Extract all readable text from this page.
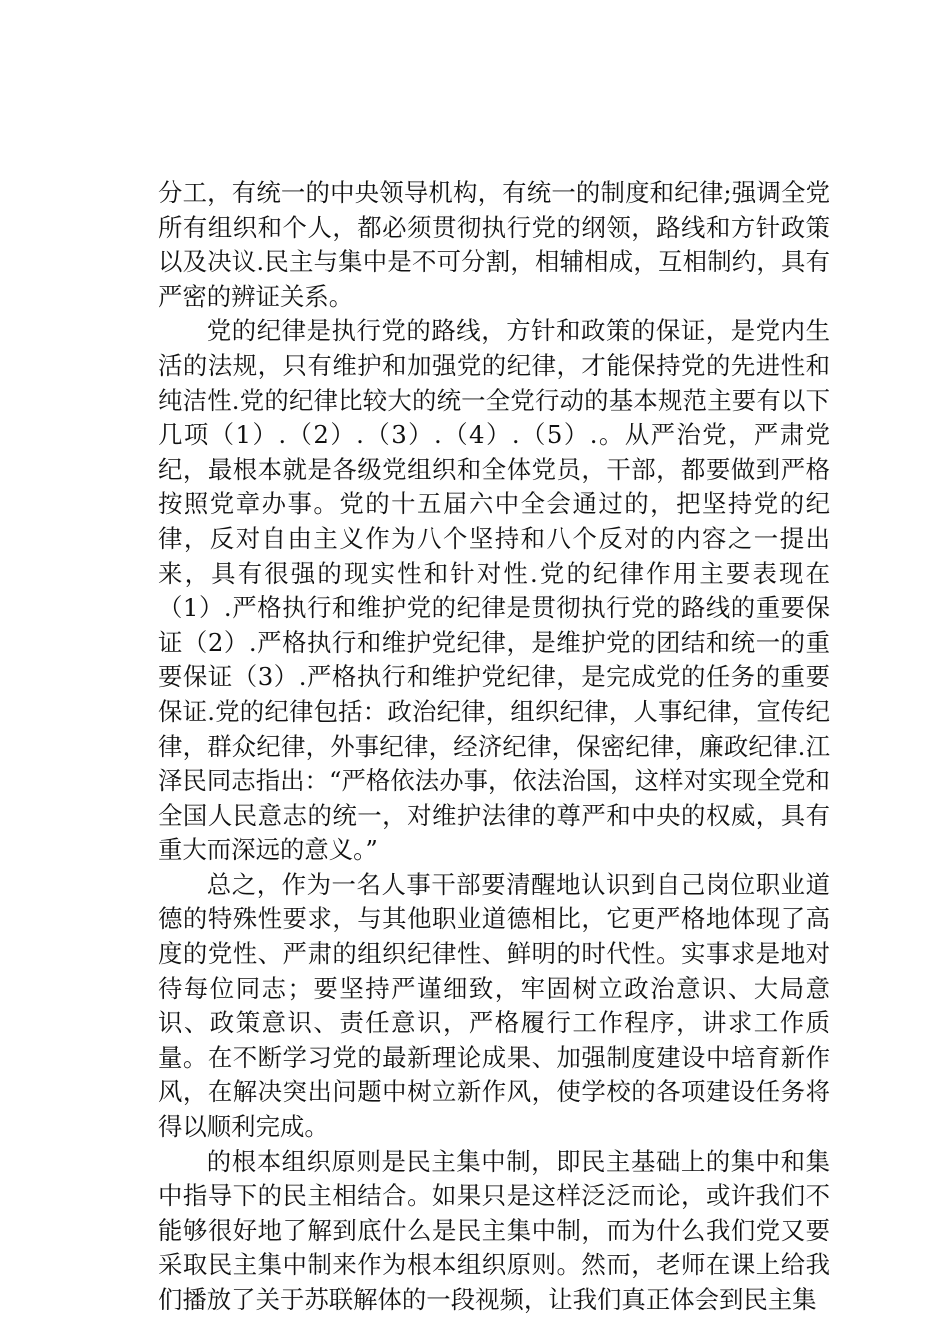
分工，有统一的中央领导机构，有统一的制度和纪律;强调全党所有组织和个人，都必须贯彻执行党的纲领，路线和方针政策以及决议.民主与集中是不可分割，相辅相成，互相制约，具有严密的辨证关系。

党的纪律是执行党的路线，方针和政策的保证，是党内生活的法规，只有维护和加强党的纪律，才能保持党的先进性和纯洁性.党的纪律比较大的统一全党行动的基本规范主要有以下几项（1）.（2）.（3）.（4）.（5）.。从严治党，严肃党纪，最根本就是各级党组织和全体党员，干部，都要做到严格按照党章办事。党的十五届六中全会通过的，把坚持党的纪律，反对自由主义作为八个坚持和八个反对的内容之一提出来，具有很强的现实性和针对性.党的纪律作用主要表现在（1）.严格执行和维护党的纪律是贯彻执行党的路线的重要保证（2）.严格执行和维护党纪律，是维护党的团结和统一的重要保证（3）.严格执行和维护党纪律，是完成党的任务的重要保证.党的纪律包括：政治纪律，组织纪律，人事纪律，宣传纪律，群众纪律，外事纪律，经济纪律，保密纪律，廉政纪律.江泽民同志指出：“严格依法办事，依法治国，这样对实现全党和全国人民意志的统一，对维护法律的尊严和中央的权威，具有重大而深远的意义。”

总之，作为一名人事干部要清醒地认识到自己岗位职业道德的特殊性要求，与其他职业道德相比，它更严格地体现了高度的党性、严肃的组织纪律性、鲜明的时代性。实事求是地对待每位同志；要坚持严谨细致，牢固树立政治意识、大局意识、政策意识、责任意识，严格履行工作程序，讲求工作质量。在不断学习党的最新理论成果、加强制度建设中培育新作风，在解决突出问题中树立新作风，使学校的各项建设任务将得以顺利完成。

的根本组织原则是民主集中制，即民主基础上的集中和集中指导下的民主相结合。如果只是这样泛泛而论，或许我们不能够很好地了解到底什么是民主集中制，而为什么我们党又要采取民主集中制来作为根本组织原则。然而，老师在课上给我们播放了关于苏联解体的一段视频，让我们真正体会到民主集
